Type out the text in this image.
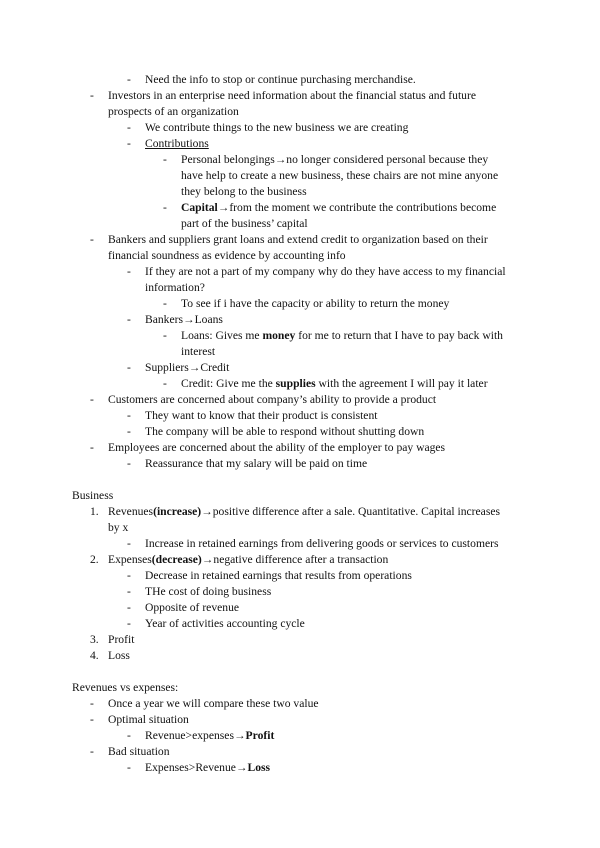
- Need the info to stop or continue purchasing merchandise.
- Investors in an enterprise need information about the financial status and future
prospects of an organization
- We contribute things to the new business we are creating
- Contributions
- Personal belongings→no longer considered personal because they
have help to create a new business, these chairs are not mine anyone
they belong to the business
- Capital→from the moment we contribute the contributions become
part of the business’ capital
- Bankers and suppliers grant loans and extend credit to organization based on their
financial soundness as evidence by accounting info
- If they are not a part of my company why do they have access to my financial
information?
- To see if i have the capacity or ability to return the money
- Bankers→Loans
- Loans: Gives me money for me to return that I have to pay back with
interest
- Suppliers→Credit
- Credit: Give me the supplies with the agreement I will pay it later
- Customers are concerned about company’s ability to provide a product
- They want to know that their product is consistent
- The company will be able to respond without shutting down
- Employees are concerned about the ability of the employer to pay wages
- Reassurance that my salary will be paid on time
Business
1. Revenues(increase)→positive difference after a sale. Quantitative. Capital increases
by x
- Increase in retained earnings from delivering goods or services to customers
2. Expenses(decrease)→negative difference after a transaction
- Decrease in retained earnings that results from operations
- THe cost of doing business
- Opposite of revenue
- Year of activities accounting cycle
3. Profit
4. Loss
Revenues vs expenses:
- Once a year we will compare these two value
- Optimal situation
- Revenue>expenses→Profit
- Bad situation
- Expenses>Revenue→Loss
